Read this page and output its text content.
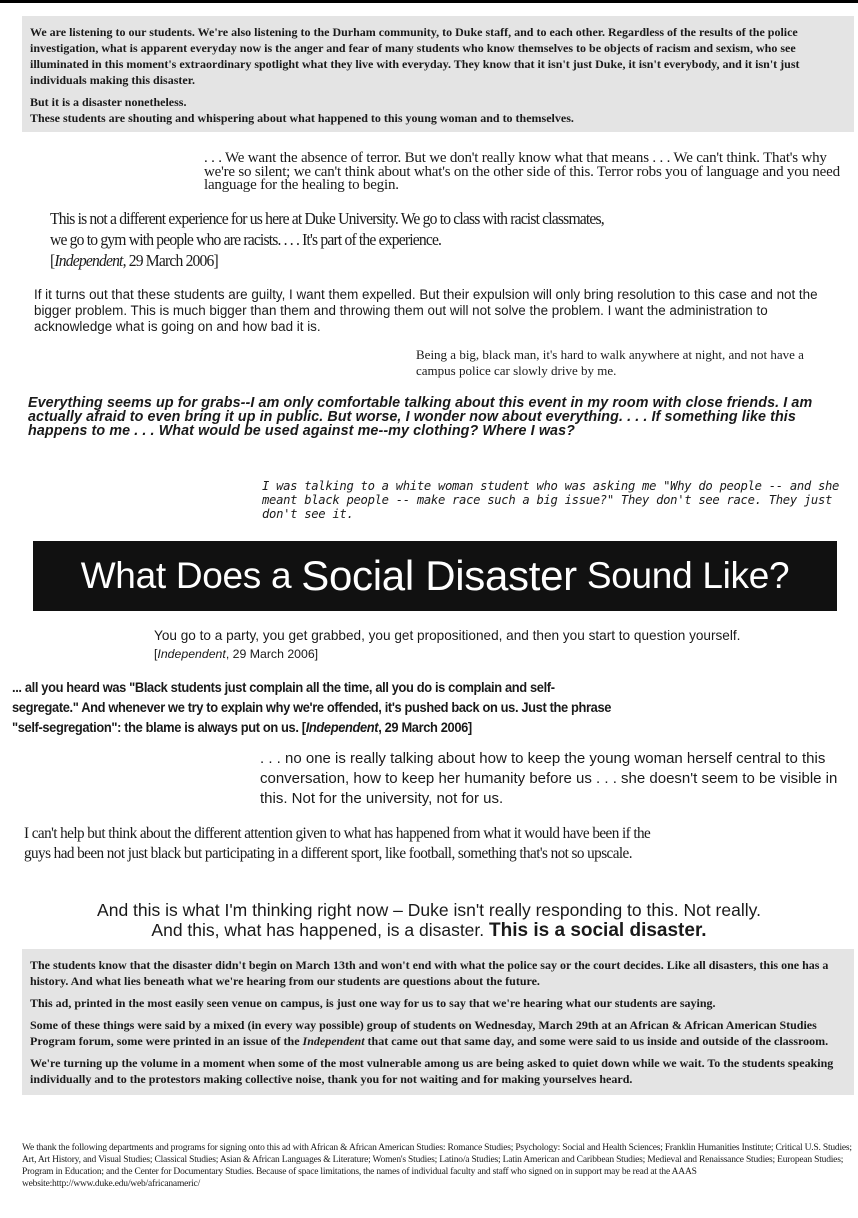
We are listening to our students. We're also listening to the Durham community, to Duke staff, and to each other. Regardless of the results of the police investigation, what is apparent everyday now is the anger and fear of many students who know themselves to be objects of racism and sexism, who see illuminated in this moment's extraordinary spotlight what they live with everyday. They know that it isn't just Duke, it isn't everybody, and it isn't just individuals making this disaster.

But it is a disaster nonetheless.

These students are shouting and whispering about what happened to this young woman and to themselves.

. . . We want the absence of terror. But we don't really know what that means . . . We can't think. That's why we're so silent; we can't think about what's on the other side of this. Terror robs you of language and you need language for the healing to begin.

This is not a different experience for us here at Duke University. We go to class with racist classmates,

we go to gym with people who are racists. . . . It's part of the experience.

[Independent, 29 March 2006]

If it turns out that these students are guilty, I want them expelled. But their expulsion will only bring resolution to this case and not the bigger problem. This is much bigger than them and throwing them out will not solve the problem. I want the administration to acknowledge what is going on and how bad it is.

Being a big, black man, it's hard to walk anywhere at night, and not have a campus police car slowly drive by me.

Everything seems up for grabs--I am only comfortable talking about this event in my room with close friends. I am actually afraid to even bring it up in public. But worse, I wonder now about everything. . . . If something like this happens to me . . . What would be used against me--my clothing? Where I was?

I was talking to a white woman student who was asking me "Why do people -- and she meant black people -- make race such a big issue?" They don't see race. They just don't see it.

What Does a Social Disaster Sound Like?

You go to a party, you get grabbed, you get propositioned, and then you start to question yourself.

[Independent, 29 March 2006]

... all you heard was "Black students just complain all the time, all you do is complain and self-segregate." And whenever we try to explain why we're offended, it's pushed back on us. Just the phrase "self-segregation": the blame is always put on us. [Independent, 29 March 2006]

. . . no one is really talking about how to keep the young woman herself central to this conversation, how to keep her humanity before us . . . she doesn't seem to be visible in this. Not for the university, not for us.

I can't help but think about the different attention given to what has happened from what it would have been if the guys had been not just black but participating in a different sport, like football, something that's not so upscale.

And this is what I'm thinking right now – Duke isn't really responding to this. Not really.

And this, what has happened, is a disaster. This is a social disaster.

The students know that the disaster didn't begin on March 13th and won't end with what the police say or the court decides. Like all disasters, this one has a history. And what lies beneath what we're hearing from our students are questions about the future.

This ad, printed in the most easily seen venue on campus, is just one way for us to say that we're hearing what our students are saying.

Some of these things were said by a mixed (in every way possible) group of students on Wednesday, March 29th at an African & African American Studies Program forum, some were printed in an issue of the Independent that came out that same day, and some were said to us inside and outside of the classroom.

We're turning up the volume in a moment when some of the most vulnerable among us are being asked to quiet down while we wait. To the students speaking individually and to the protestors making collective noise, thank you for not waiting and for making yourselves heard.

We thank the following departments and programs for signing onto this ad with African & African American Studies: Romance Studies; Psychology: Social and Health Sciences; Franklin Humanities Institute; Critical U.S. Studies; Art, Art History, and Visual Studies; Classical Studies; Asian & African Languages & Literature; Women's Studies; Latino/a Studies; Latin American and Caribbean Studies; Medieval and Renaissance Studies; European Studies; Program in Education; and the Center for Documentary Studies. Because of space limitations, the names of individual faculty and staff who signed on in support may be read at the AAAS website:http://www.duke.edu/web/africanameric/
